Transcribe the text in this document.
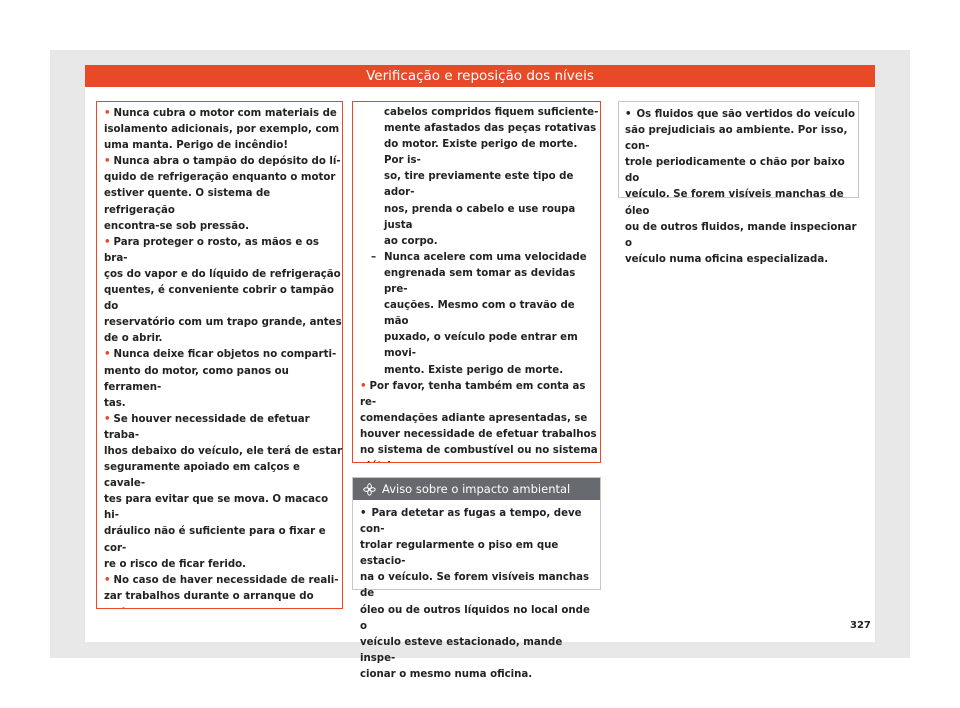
Verificação e reposição dos níveis

• Nunca cubra o motor com materiais de
isolamento adicionais, por exemplo, com
uma manta. Perigo de incêndio!

• Nunca abra o tampão do depósito do lí-
quido de refrigeração enquanto o motor
estiver quente. O sistema de refrigeração
encontra-se sob pressão.

• Para proteger o rosto, as mãos e os bra-
ços do vapor e do líquido de refrigeração
quentes, é conveniente cobrir o tampão do
reservatório com um trapo grande, antes
de o abrir.

• Nunca deixe ficar objetos no comparti-
mento do motor, como panos ou ferramen-
tas.

• Se houver necessidade de efetuar traba-
lhos debaixo do veículo, ele terá de estar
seguramente apoiado em calços e cavale-
tes para evitar que se mova. O macaco hi-
dráulico não é suficiente para o fixar e cor-
re o risco de ficar ferido.

• No caso de haver necessidade de reali-
zar trabalhos durante o arranque do

cabelos compridos fiquem suficiente-
mente afastados das peças rotativas
do motor. Existe perigo de morte. Por is-
so, tire previamente este tipo de ador-
nos, prenda o cabelo e use roupa justa
ao corpo.

– Nunca acelere com uma velocidade
engrenada sem tomar as devidas pre-
cauções. Mesmo com o travão de mão
puxado, o veículo pode entrar em movi-
mento. Existe perigo de morte.

• Por favor, tenha também em conta as re-
comendações adiante apresentadas, se
houver necessidade de efetuar trabalhos
no sistema de combustível ou no sistema

Aviso sobre o impacto ambiental

• Para detetar as fugas a tempo, deve con-
trolar regularmente o piso em que estacio-
na o veículo. Se forem visíveis manchas de
óleo ou de outros líquidos no local onde o
veículo esteve estacionado, mande inspe-
cionar o mesmo numa oficina.

• Os fluidos que são vertidos do veículo
são prejudiciais ao ambiente. Por isso, con-
trole periodicamente o chão por baixo do
veículo. Se forem visíveis manchas de óleo
ou de outros fluidos, mande inspecionar o
veículo numa oficina especializada.

327
